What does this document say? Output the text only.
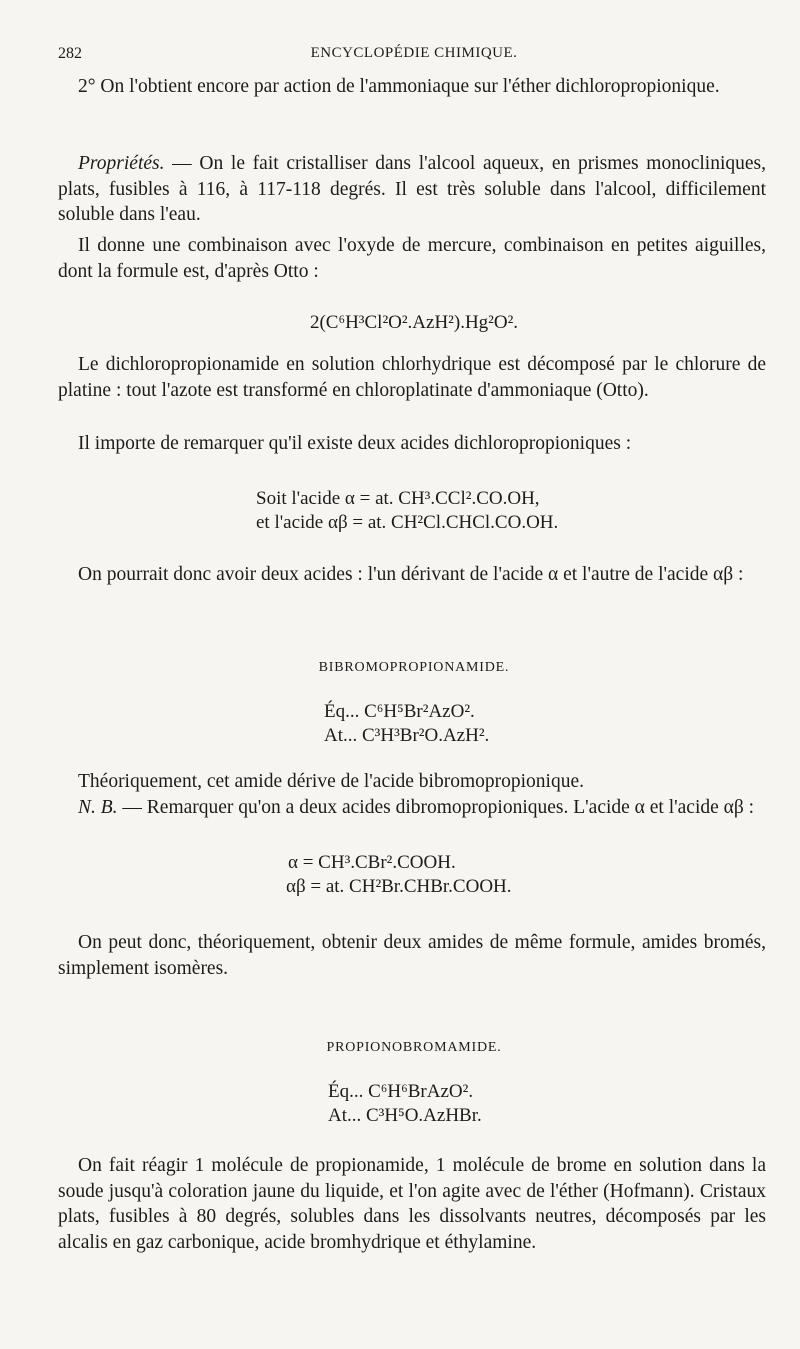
282	ENCYCLOPÉDIE CHIMIQUE.
2° On l'obtient encore par action de l'ammoniaque sur l'éther dichloropropionique.
Propriétés. — On le fait cristalliser dans l'alcool aqueux, en prismes monocliniques, plats, fusibles à 116, à 117-118 degrés. Il est très soluble dans l'alcool, difficilement soluble dans l'eau.
Il donne une combinaison avec l'oxyde de mercure, combinaison en petites aiguilles, dont la formule est, d'après Otto :
2(C⁶H³Cl²O².AzH²).Hg²O².
Le dichloropropionamide en solution chlorhydrique est décomposé par le chlorure de platine : tout l'azote est transformé en chloroplatinate d'ammoniaque (Otto).
Il importe de remarquer qu'il existe deux acides dichloropropioniques :
Soit l'acide α = at. CH³.CCl².CO.OH,
et l'acide αβ = at. CH²Cl.CHCl.CO.OH.
On pourrait donc avoir deux acides : l'un dérivant de l'acide α et l'autre de l'acide αβ :
BIBROMOPROPIONAMIDE.
Éq... C⁶H⁵Br²AzO².
At... C³H³Br²O.AzH².
Théoriquement, cet amide dérive de l'acide bibromopropionique.
N. B. — Remarquer qu'on a deux acides dibromopropioniques. L'acide α et l'acide αβ :
α = CH³.CBr².COOH.
αβ = at. CH²Br.CHBr.COOH.
On peut donc, théoriquement, obtenir deux amides de même formule, amides bromés, simplement isomères.
PROPIONOBROMAMIDE.
Éq... C⁶H⁶BrAzO².
At... C³H⁵O.AzHBr.
On fait réagir 1 molécule de propionamide, 1 molécule de brome en solution dans la soude jusqu'à coloration jaune du liquide, et l'on agite avec de l'éther (Hofmann). Cristaux plats, fusibles à 80 degrés, solubles dans les dissolvants neutres, décomposés par les alcalis en gaz carbonique, acide bromhydrique et éthylamine.
